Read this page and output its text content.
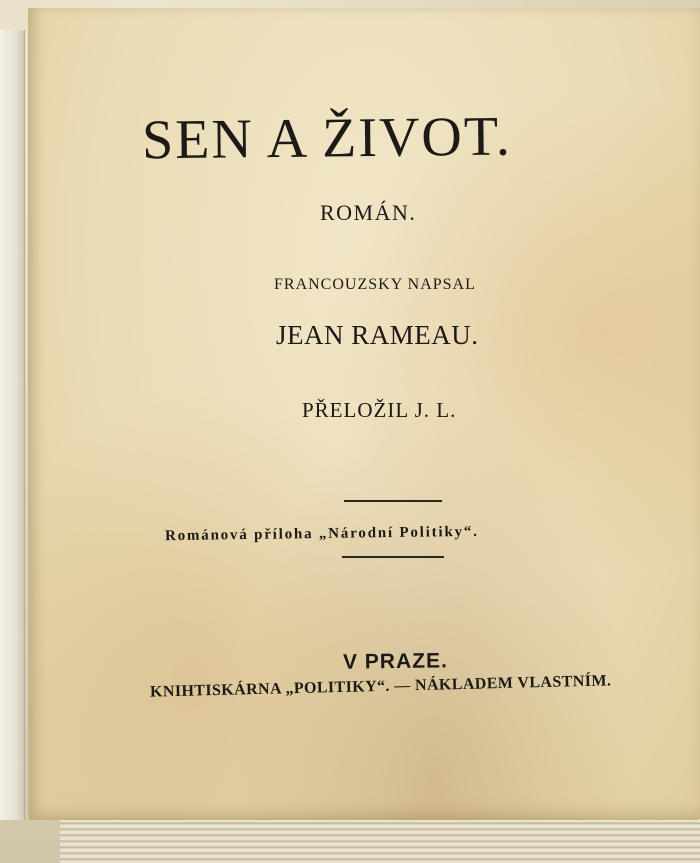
SEN A ŽIVOT.
ROMÁN.
FRANCOUZSKY NAPSAL
JEAN RAMEAU.
PŘELOŽIL J. L.
Románová příloha „Národní Politiky“.
V PRAZE.
KNIHTISKÁRNA „POLITIKY“. — NÁKLADEM VLASTNÍM.
